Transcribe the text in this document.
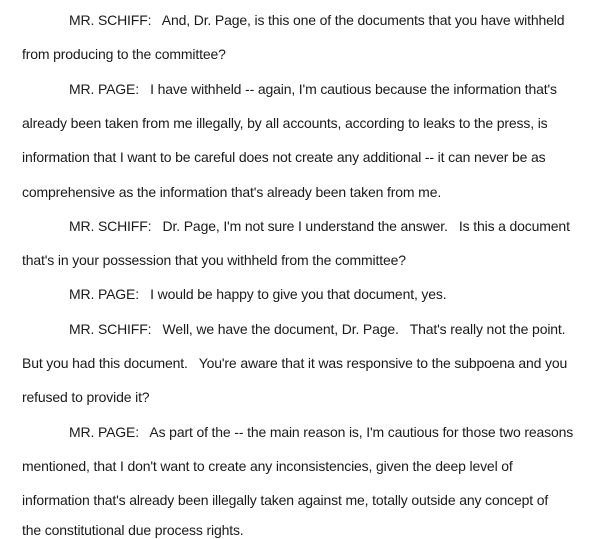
MR. SCHIFF:   And, Dr. Page, is this one of the documents that you have withheld
from producing to the committee?
MR. PAGE:   I have withheld -- again, I'm cautious because the information that's
already been taken from me illegally, by all accounts, according to leaks to the press, is
information that I want to be careful does not create any additional -- it can never be as
comprehensive as the information that's already been taken from me.
MR. SCHIFF:   Dr. Page, I'm not sure I understand the answer.   Is this a document
that's in your possession that you withheld from the committee?
MR. PAGE:   I would be happy to give you that document, yes.
MR. SCHIFF:   Well, we have the document, Dr. Page.   That's really not the point.
But you had this document.   You're aware that it was responsive to the subpoena and you
refused to provide it?
MR. PAGE:   As part of the -- the main reason is, I'm cautious for those two reasons
mentioned, that I don't want to create any inconsistencies, given the deep level of
information that's already been illegally taken against me, totally outside any concept of
the constitutional due process rights.
